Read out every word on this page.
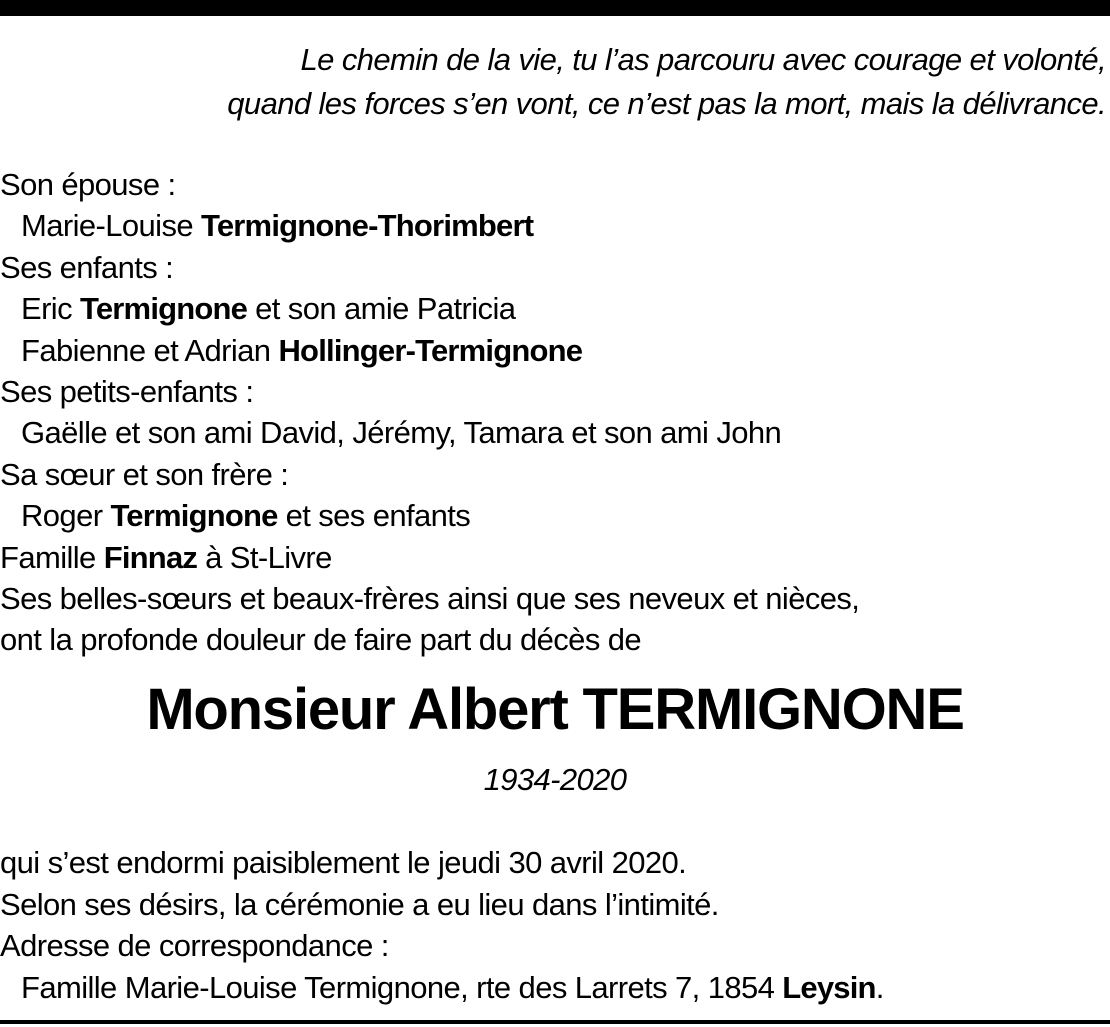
Le chemin de la vie, tu l’as parcouru avec courage et volonté,
quand les forces s’en vont, ce n’est pas la mort, mais la délivrance.
Son épouse :
Marie-Louise Termignone-Thorimbert
Ses enfants :
Eric Termignone et son amie Patricia
Fabienne et Adrian Hollinger-Termignone
Ses petits-enfants :
Gaëlle et son ami David, Jérémy, Tamara et son ami John
Sa sœur et son frère :
Roger Termignone et ses enfants
Famille Finnaz à St-Livre
Ses belles-sœurs et beaux-frères ainsi que ses neveux et nièces,
ont la profonde douleur de faire part du décès de
Monsieur Albert TERMIGNONE
1934-2020
qui s’est endormi paisiblement le jeudi 30 avril 2020.
Selon ses désirs, la cérémonie a eu lieu dans l’intimité.
Adresse de correspondance :
Famille Marie-Louise Termignone, rte des Larrets 7, 1854 Leysin.
